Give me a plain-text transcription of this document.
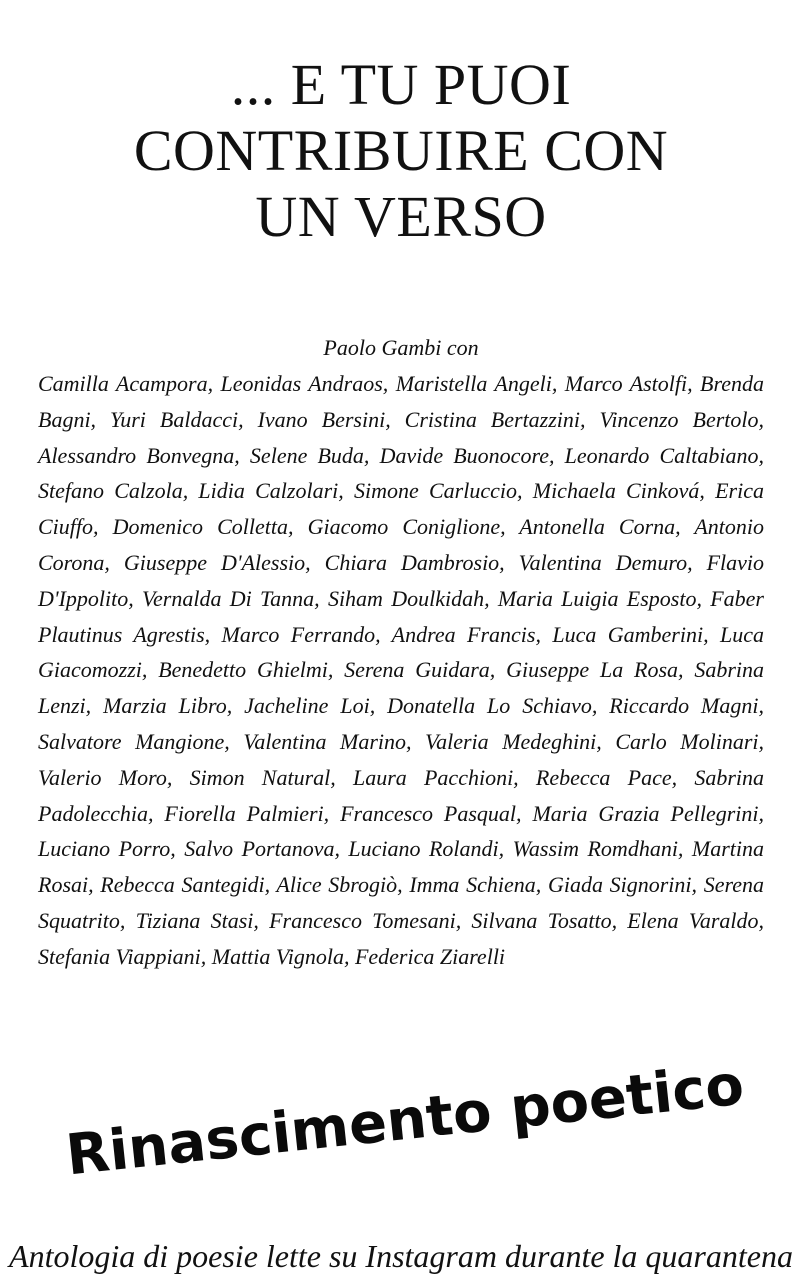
... E TU PUOI
CONTRIBUIRE CON
UN VERSO
Paolo Gambi con
Camilla Acampora, Leonidas Andraos, Maristella Angeli, Marco Astolfi, Brenda Bagni, Yuri Baldacci, Ivano Bersini, Cristina Bertazzini, Vincenzo Bertolo, Alessandro Bonvegna, Selene Buda, Davide Buonocore, Leonardo Caltabiano, Stefano Calzola, Lidia Calzolari, Simone Carluccio, Michaela Cinková, Erica Ciuffo, Domenico Colletta, Giacomo Coniglione, Antonella Corna, Antonio Corona, Giuseppe D'Alessio, Chiara Dambrosio, Valentina Demuro, Flavio D'Ippolito, Vernalda Di Tanna, Siham Doulkidah, Maria Luigia Esposto, Faber Plautinus Agrestis, Marco Ferrando, Andrea Francis, Luca Gamberini, Luca Giacomozzi, Benedetto Ghielmi, Serena Guidara, Giuseppe La Rosa, Sabrina Lenzi, Marzia Libro, Jacheline Loi, Donatella Lo Schiavo, Riccardo Magni, Salvatore Mangione, Valentina Marino, Valeria Medeghini, Carlo Molinari, Valerio Moro, Simon Natural, Laura Pacchioni, Rebecca Pace, Sabrina Padolecchia, Fiorella Palmieri, Francesco Pasqual, Maria Grazia Pellegrini, Luciano Porro, Salvo Portanova, Luciano Rolandi, Wassim Romdhani, Martina Rosai, Rebecca Santegidi, Alice Sbrogiò, Imma Schiena, Giada Signorini, Serena Squatrito, Tiziana Stasi, Francesco Tomesani, Silvana Tosatto, Elena Varaldo, Stefania Viappiani, Mattia Vignola, Federica Ziarelli
Rinascimento poetico
Antologia di poesie lette su Instagram durante la quarantena
